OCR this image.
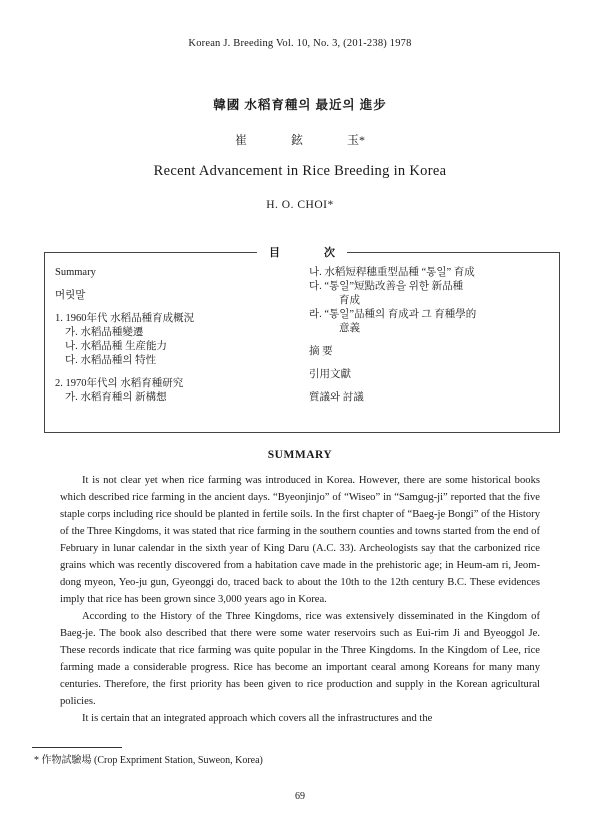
Korean J. Breeding Vol. 10, No. 3, (201-238) 1978
韓國 水稻育種의 最近의 進步
崔	鉉	玉*
Recent Advancement in Rice Breeding in Korea
H. O. CHOI*
目	次
Summary
머릿말
1. 1960年代 水稻品種育成概況
가. 水稻品種變遷
나. 水稻品種 生産能力
다. 水稻品種의 特性
2. 1970年代의 水稻育種研究
가. 水稻育種의 新構想
나. 水稻短稈穗重型品種 “통일” 育成
다. “통일”短點改善을 위한 新品種
育成
라. “통일”品種의 育成과 그 育種學的
意義
摘 要
引用文獻
質議와 討議
SUMMARY

It is not clear yet when rice farming was introduced in Korea. However, there are some historical books which described rice farming in the ancient days. “Byeonjinjo” of “Wiseo” in “Samgug-ji” reported that the five staple corps including rice should be planted in fertile soils. In the first chapter of “Baeg-je Bongi” of the History of the Three Kingdoms, it was stated that rice farming in the southern counties and towns started from the end of February in lunar calendar in the sixth year of King Daru (A.C. 33). Archeologists say that the carbonized rice grains which was recently discovered from a habitation cave made in the prehistoric age; in Heum-am ri, Jeom-dong myeon, Yeo-ju gun, Gyeonggi do, traced back to about the 10th to the 12th century B.C. These evidences imply that rice has been grown since 3,000 years ago in Korea.

According to the History of the Three Kingdoms, rice was extensively disseminated in the Kingdom of Baeg-je. The book also described that there were some water reservoirs such as Eui-rim Ji and Byeoggol Je. These records indicate that rice farming was quite popular in the Three Kingdoms. In the Kingdom of Lee, rice farming made a considerable progress. Rice has become an important cearal among Koreans for many many centuries. Therefore, the first priority has been given to rice production and supply in the Korean agricultural policies.

It is certain that an integrated approach which covers all the infrastructures and the

* 作物試驗場 (Crop Expriment Station, Suweon, Korea)
69
